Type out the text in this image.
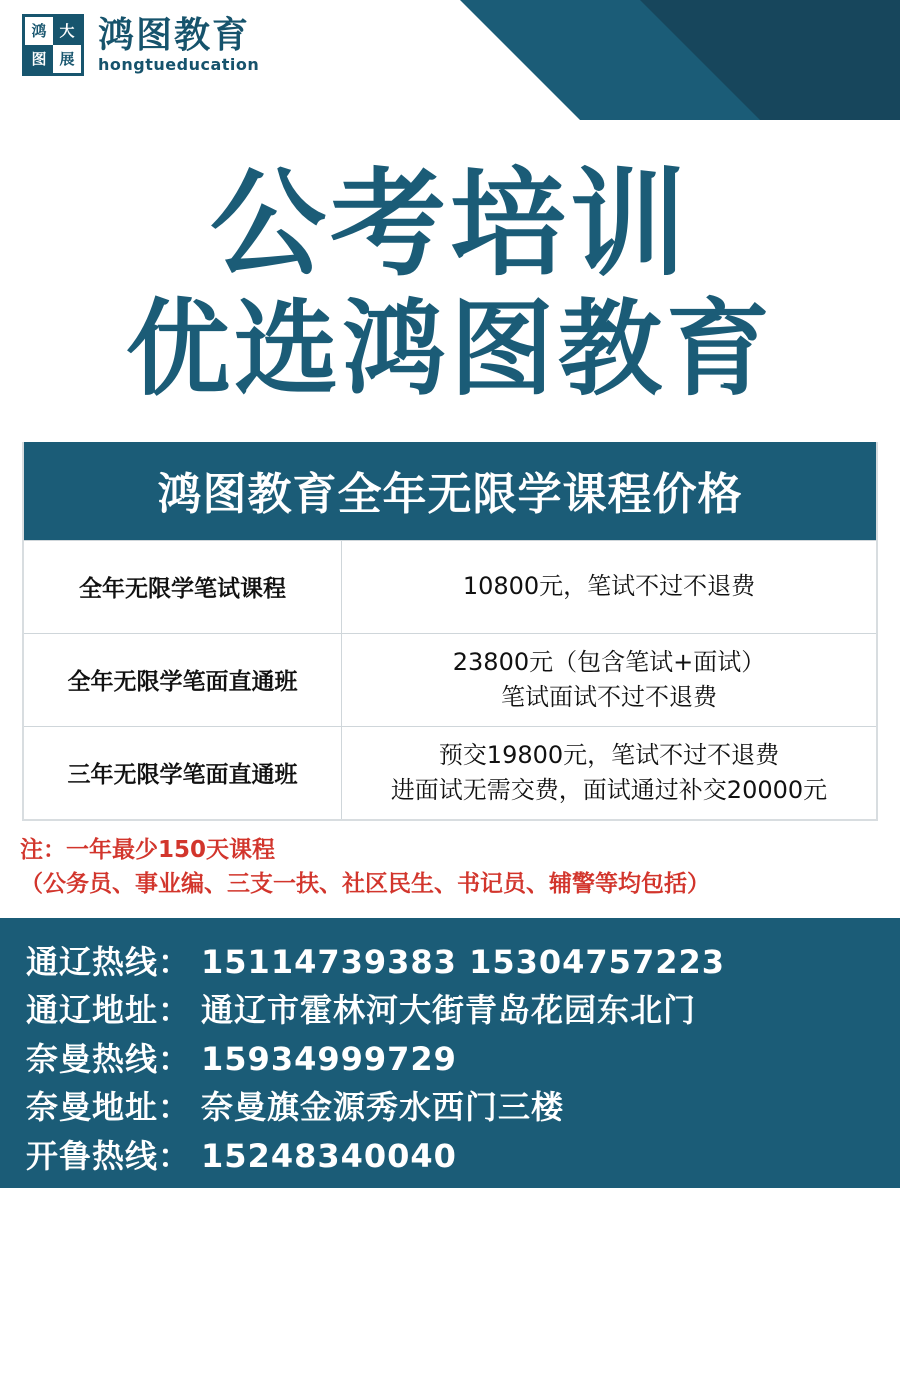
鸿 大
图 展
鸿图教育
hongtueducation
公考培训
优选鸿图教育
鸿图教育全年无限学课程价格
全年无限学笔试课程	10800元，笔试不过不退费
全年无限学笔面直通班
23800元（包含笔试+面试）
笔试面试不过不退费
三年无限学笔面直通班
预交19800元，笔试不过不退费
进面试无需交费，面试通过补交20000元
注：一年最少150天课程
（公务员、事业编、三支一扶、社区民生、书记员、辅警等均包括）
通辽热线： 15114739383 15304757223
通辽地址： 通辽市霍林河大街青岛花园东北门
奈曼热线： 15934999729
奈曼地址： 奈曼旗金源秀水西门三楼
开鲁热线： 15248340040
